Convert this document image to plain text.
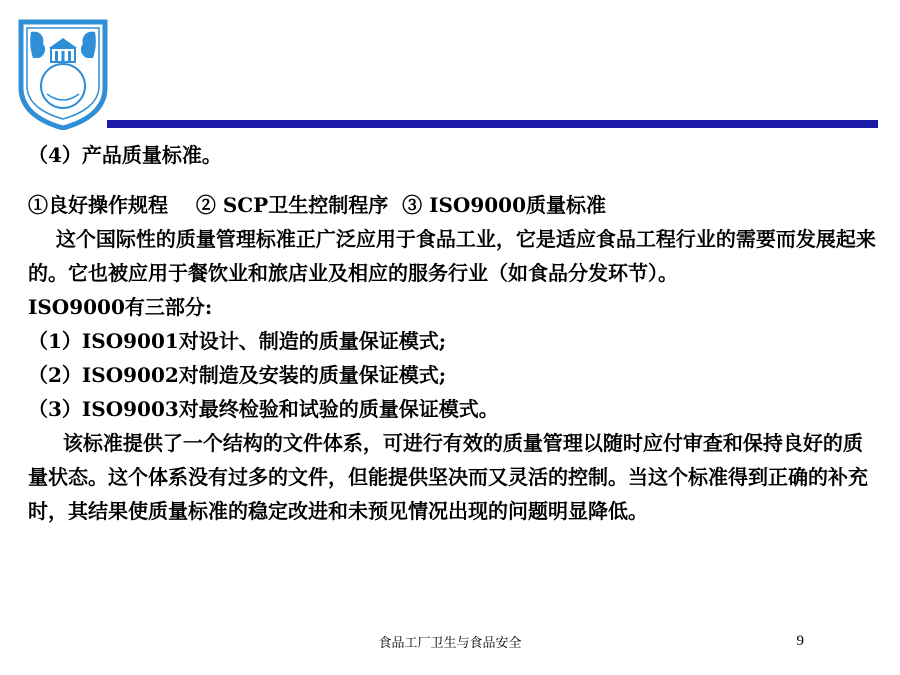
（4）产品质量标准。

①良好操作规程    ② SCP卫生控制程序  ③ ISO9000质量标准

这个国际性的质量管理标准正广泛应用于食品工业，它是适应食品工程行业的需要而发展起来的。它也被应用于餐饮业和旅店业及相应的服务行业（如食品分发环节）。

ISO9000有三部分:

（1）ISO9001对设计、制造的质量保证模式;

（2）ISO9002对制造及安装的质量保证模式;

（3）ISO9003对最终检验和试验的质量保证模式。

该标准提供了一个结构的文件体系，可进行有效的质量管理以随时应付审查和保持良好的质量状态。这个体系没有过多的文件，但能提供坚决而又灵活的控制。当这个标准得到正确的补充时，其结果使质量标准的稳定改进和未预见情况出现的问题明显降低。

食品工厂卫生与食品安全	9
